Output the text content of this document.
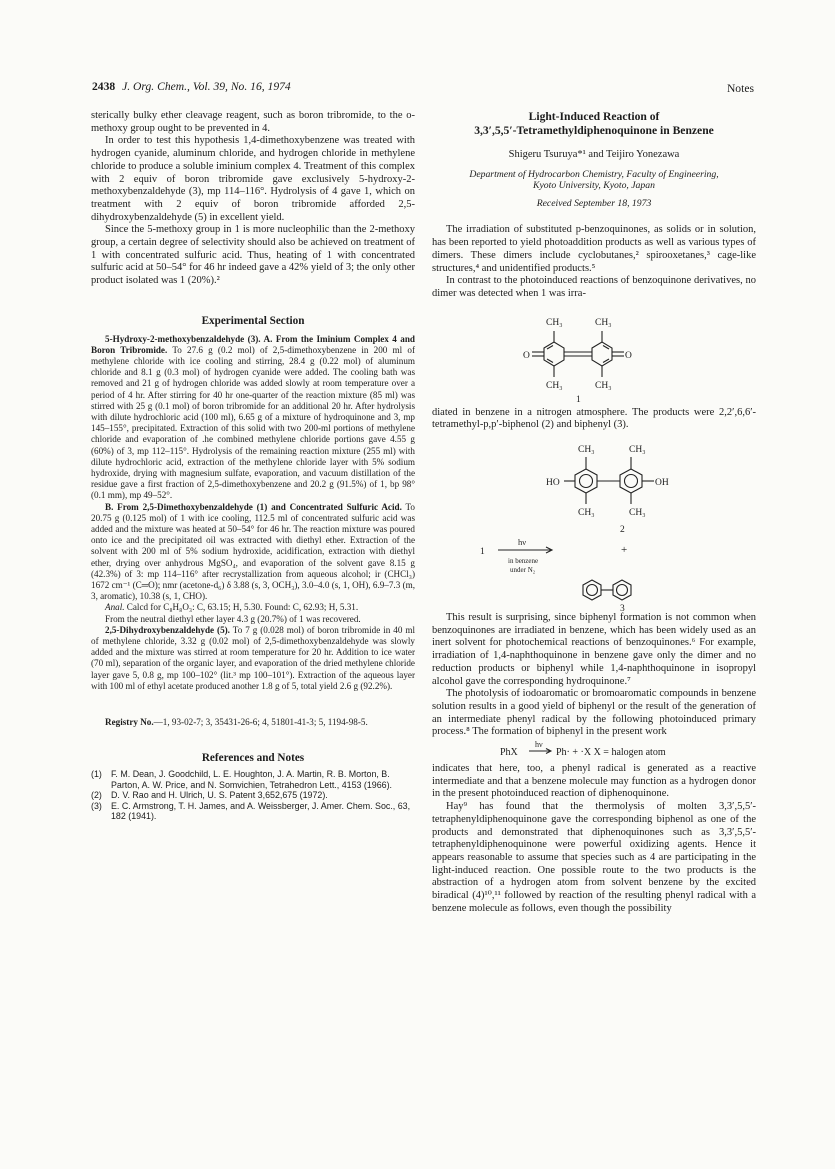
2438 J. Org. Chem., Vol. 39, No. 16, 1974	Notes

sterically bulky ether cleavage reagent, such as boron tribromide, to the o-methoxy group ought to be prevented in 4.

In order to test this hypothesis 1,4-dimethoxybenzene was treated with hydrogen cyanide, aluminum chloride, and hydrogen chloride in methylene chloride to produce a soluble iminium complex 4. Treatment of this complex with 2 equiv of boron tribromide gave exclusively 5-hydroxy-2-methoxybenzaldehyde (3), mp 114–116°. Hydrolysis of 4 gave 1, which on treatment with 2 equiv of boron tribromide afforded 2,5-dihydroxybenzaldehyde (5) in excellent yield.

Since the 5-methoxy group in 1 is more nucleophilic than the 2-methoxy group, a certain degree of selectivity should also be achieved on treatment of 1 with concentrated sulfuric acid. Thus, heating of 1 with concentrated sulfuric acid at 50–54° for 46 hr indeed gave a 42% yield of 3; the only other product isolated was 1 (20%).²

Experimental Section

5-Hydroxy-2-methoxybenzaldehyde (3). A. From the Iminium Complex 4 and Boron Tribromide. To 27.6 g (0.2 mol) of 2,5-dimethoxybenzene in 200 ml of methylene chloride with ice cooling and stirring, 28.4 g (0.22 mol) of aluminum chloride and 8.1 g (0.3 mol) of hydrogen cyanide were added. The cooling bath was removed and 21 g of hydrogen chloride was added slowly at room temperature over a period of 4 hr. After stirring for 40 hr one-quarter of the reaction mixture (85 ml) was stirred with 25 g (0.1 mol) of boron tribromide for an additional 20 hr. After hydrolysis with dilute hydrochloric acid (100 ml), 6.65 g of a mixture of hydroquinone and 3, mp 145–155°, precipitated. Extraction of this solid with two 200-ml portions of methylene chloride and evaporation of .he combined methylene chloride portions gave 4.55 g (60%) of 3, mp 112–115°. Hydrolysis of the remaining reaction mixture (255 ml) with dilute hydrochloric acid, extraction of the methylene chloride layer with 5% sodium hydroxide, drying with magnesium sulfate, evaporation, and vacuum distillation of the residue gave a first fraction of 2,5-dimethoxybenzene and 20.2 g (91.5%) of 1, bp 98° (0.1 mm), mp 49–52°.

B. From 2,5-Dimethoxybenzaldehyde (1) and Concentrated Sulfuric Acid. To 20.75 g (0.125 mol) of 1 with ice cooling, 112.5 ml of concentrated sulfuric acid was added and the mixture was heated at 50–54° for 46 hr. The reaction mixture was poured onto ice and the precipitated oil was extracted with diethyl ether. Extraction of the solvent with 200 ml of 5% sodium hydroxide, acidification, extraction with diethyl ether, drying over anhydrous MgSO₄, and evaporation of the solvent gave 8.15 g (42.3%) of 3: mp 114–116° after recrystallization from aqueous alcohol; ir (CHCl₃) 1672 cm⁻¹ (C═O); nmr (acetone-d₆) δ 3.88 (s, 3, OCH₃), 3.0–4.0 (s, 1, OH), 6.9–7.3 (m, 3, aromatic), 10.38 (s, 1, CHO).

Anal. Calcd for C₈H₈O₃: C, 63.15; H, 5.30. Found: C, 62.93; H, 5.31.

From the neutral diethyl ether layer 4.3 g (20.7%) of 1 was recovered.

2,5-Dihydroxybenzaldehyde (5). To 7 g (0.028 mol) of boron tribromide in 40 ml of methylene chloride, 3.32 g (0.02 mol) of 2,5-dimethoxybenzaldehyde was slowly added and the mixture was stirred at room temperature for 20 hr. Addition to ice water (70 ml), separation of the organic layer, and evaporation of the dried methylene chloride layer gave 5, 0.8 g, mp 100–102° (lit.³ mp 100–101°). Extraction of the aqueous layer with 100 ml of ethyl acetate produced another 1.8 g of 5, total yield 2.6 g (92.2%).

Registry No.—1, 93-02-7; 3, 35431-26-6; 4, 51801-41-3; 5, 1194-98-5.

References and Notes
(1) F. M. Dean, J. Goodchild, L. E. Houghton, J. A. Martin, R. B. Morton, B. Parton, A. W. Price, and N. Somvichien, Tetrahedron Lett., 4153 (1966).
(2) D. V. Rao and H. Ulrich, U. S. Patent 3,652,675 (1972).
(3) E. C. Armstrong, T. H. James, and A. Weissberger, J. Amer. Chem. Soc., 63, 182 (1941).
Light-Induced Reaction of
3,3′,5,5′-Tetramethyldiphenoquinone in Benzene
Shigeru Tsuruya*¹ and Teijiro Yonezawa
Department of Hydrocarbon Chemistry, Faculty of Engineering,
Kyoto University, Kyoto, Japan
Received September 18, 1973

The irradiation of substituted p-benzoquinones, as solids or in solution, has been reported to yield photoaddition products as well as various types of dimers. These dimers include cyclobutanes,² spirooxetanes,³ cage-like structures,⁴ and unidentified products.⁵

In contrast to the photoinduced reactions of benzoquinone derivatives, no dimer was detected when 1 was irra-

CH₃	CH₃
CH₃	CH₃
O	O
1

diated in benzene in a nitrogen atmosphere. The products were 2,2′,6,6′-tetramethyl-p,p′-biphenol (2) and biphenyl (3).

CH₃	CH₃
CH₃	CH₃
HO	OH
2
1
hν
in benzene
under N₂
+
3

This result is surprising, since biphenyl formation is not common when benzoquinones are irradiated in benzene, which has been widely used as an inert solvent for photochemical reactions of benzoquinones.⁶ For example, irradiation of 1,4-naphthoquinone in benzene gave only the dimer and no reduction products or biphenyl while 1,4-naphthoquinone in isopropyl alcohol gave the corresponding hydroquinone.⁷

The photolysis of iodoaromatic or bromoaromatic compounds in benzene solution results in a good yield of biphenyl or the result of the generation of an intermediate phenyl radical by the following photoinduced primary process.⁸ The formation of biphenyl in the present work

PhX
hν
Ph· + ·X X = halogen atom

indicates that here, too, a phenyl radical is generated as a reactive intermediate and that a benzene molecule may function as a hydrogen donor in the present photoinduced reaction of diphenoquinone.

Hay⁹ has found that the thermolysis of molten 3,3′,5,5′-tetraphenyldiphenoquinone gave the corresponding biphenol as one of the products and demonstrated that diphenoquinones such as 3,3′,5,5′-tetraphenyldiphenoquinone were powerful oxidizing agents. Hence it appears reasonable to assume that species such as 4 are participating in the light-induced reaction. One possible route to the two products is the abstraction of a hydrogen atom from solvent benzene by the excited biradical (4)¹⁰,¹¹ followed by reaction of the resulting phenyl radical with a benzene molecule as follows, even though the possibility
